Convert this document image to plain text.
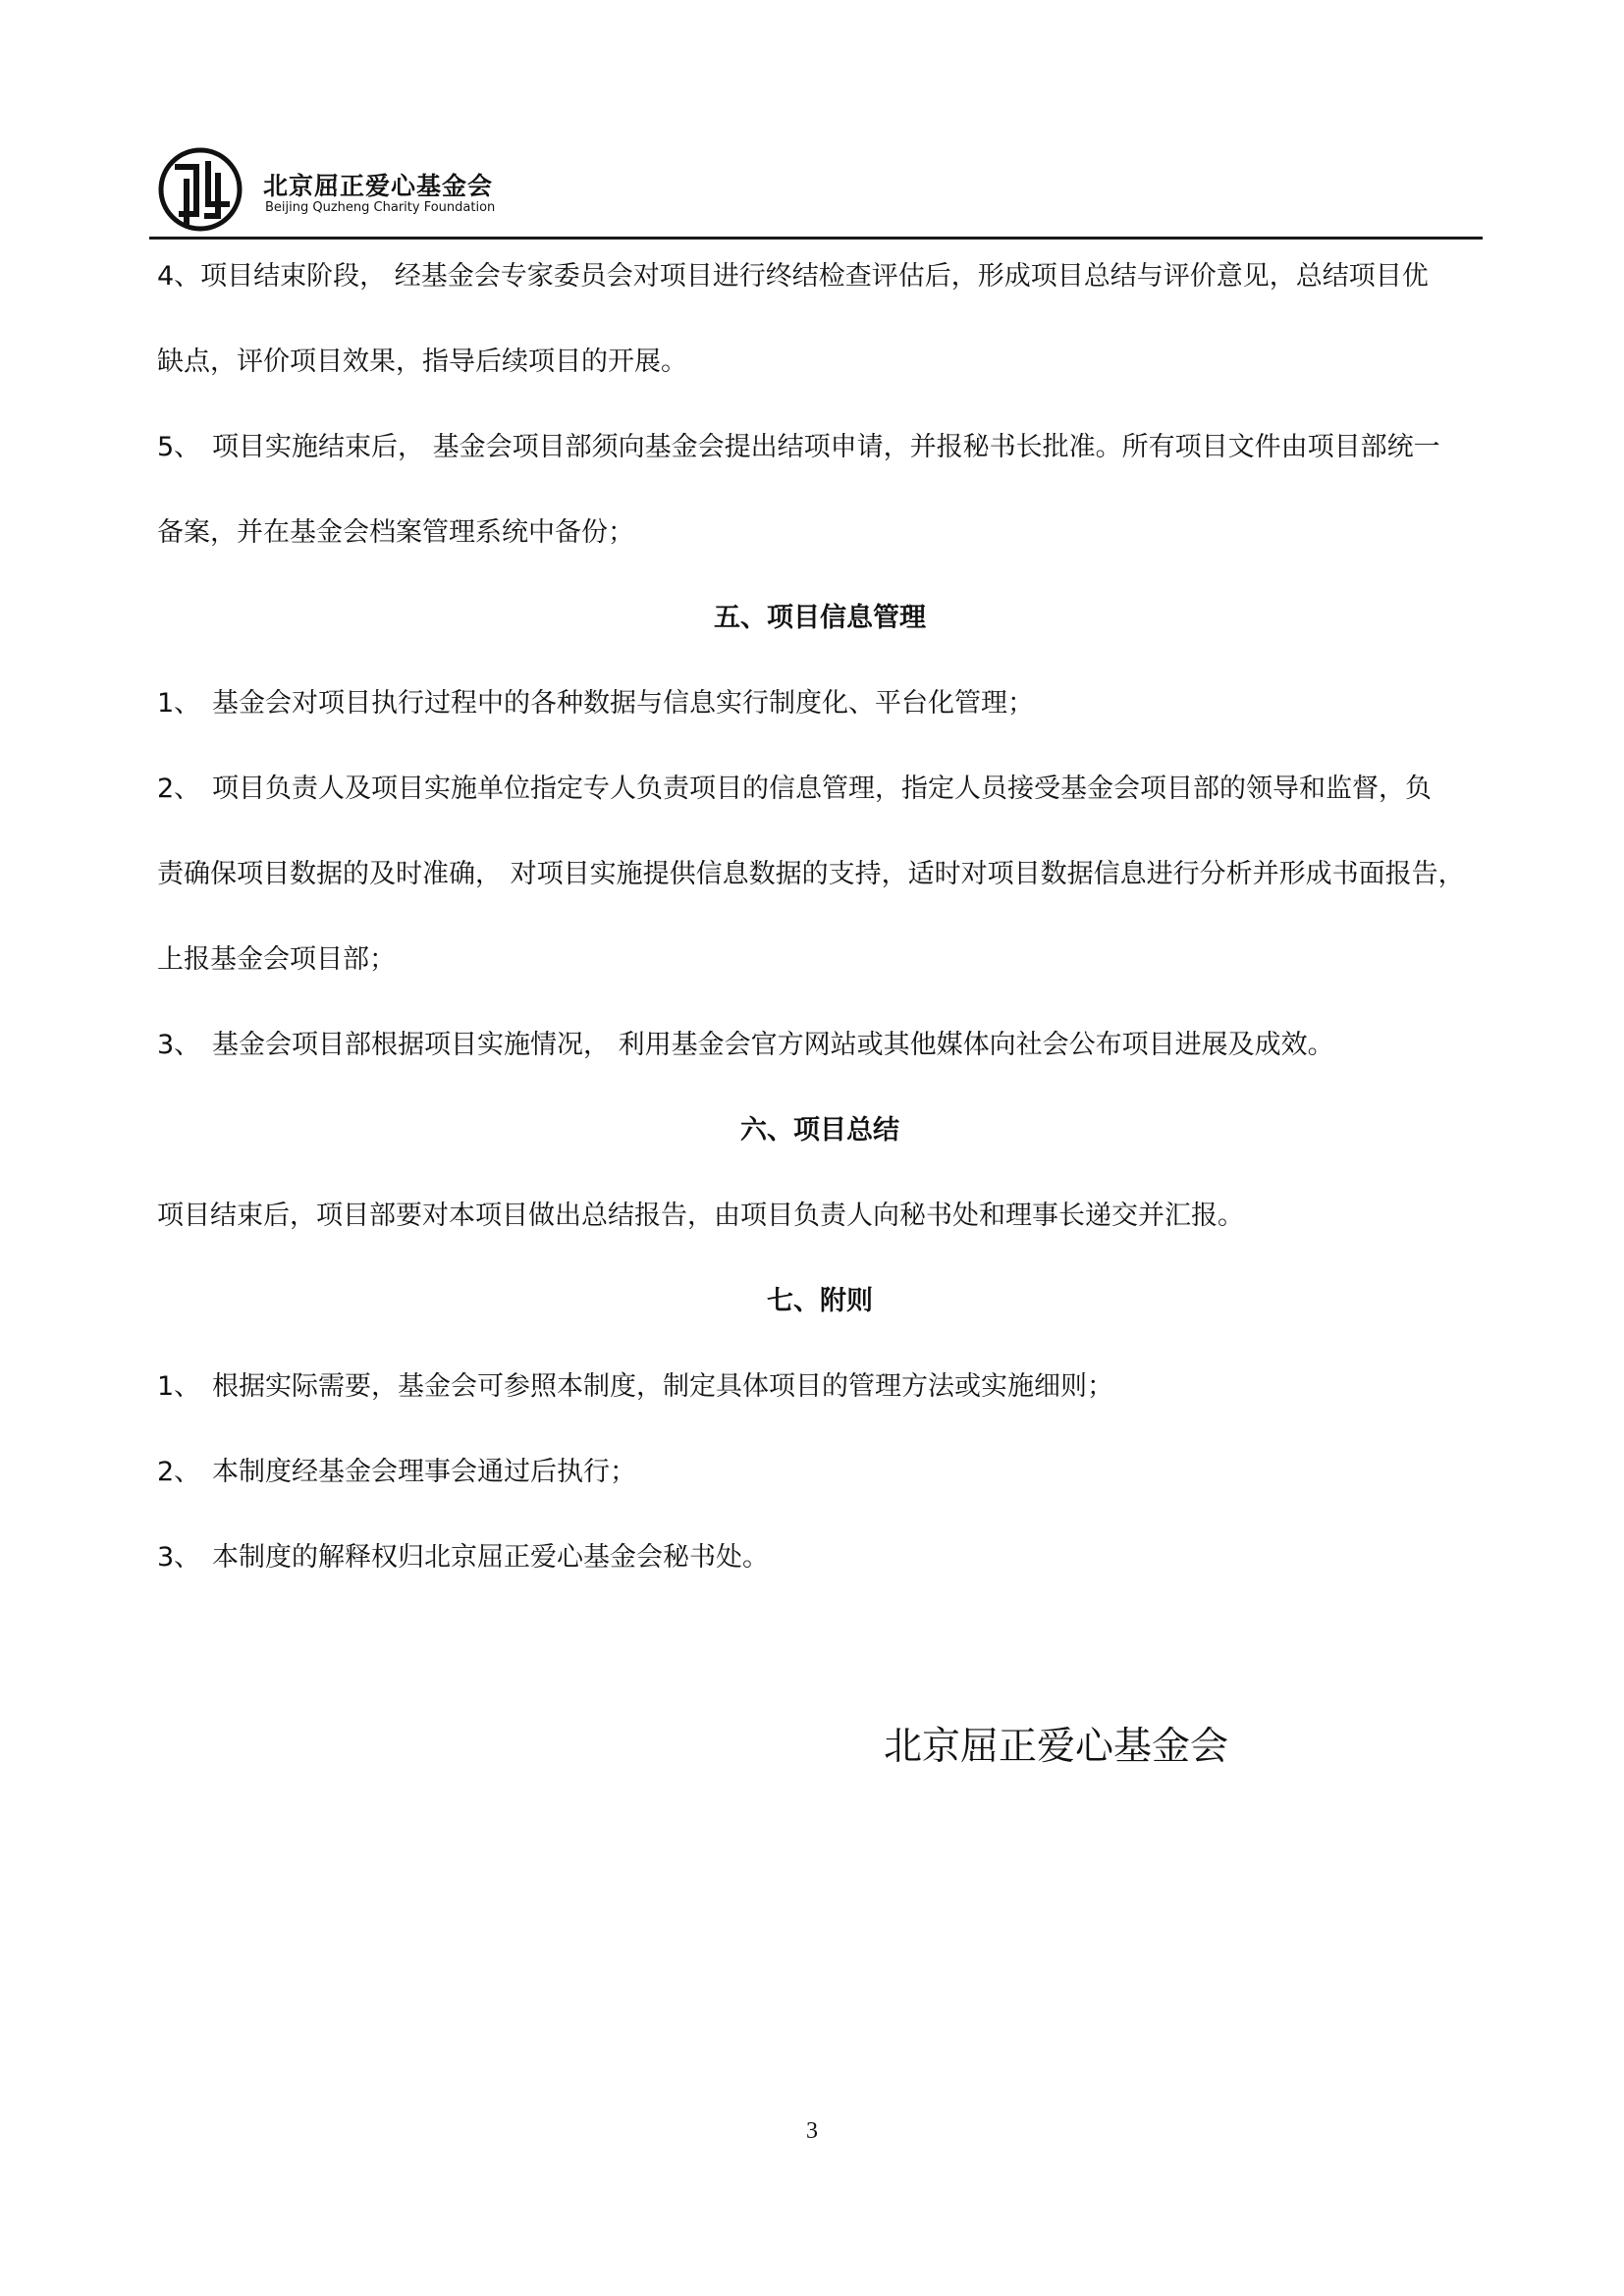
北京屈正爱心基金会
Beijing Quzheng Charity Foundation
4、项目结束阶段， 经基金会专家委员会对项目进行终结检查评估后，形成项目总结与评价意见，总结项目优
缺点，评价项目效果，指导后续项目的开展。
5、 项目实施结束后， 基金会项目部须向基金会提出结项申请，并报秘书长批准。所有项目文件由项目部统一
备案，并在基金会档案管理系统中备份；
五、项目信息管理
1、 基金会对项目执行过程中的各种数据与信息实行制度化、平台化管理；
2、 项目负责人及项目实施单位指定专人负责项目的信息管理，指定人员接受基金会项目部的领导和监督，负
责确保项目数据的及时准确， 对项目实施提供信息数据的支持，适时对项目数据信息进行分析并形成书面报告，
上报基金会项目部；
3、 基金会项目部根据项目实施情况， 利用基金会官方网站或其他媒体向社会公布项目进展及成效。
六、项目总结
项目结束后，项目部要对本项目做出总结报告，由项目负责人向秘书处和理事长递交并汇报。
七、附则
1、 根据实际需要，基金会可参照本制度，制定具体项目的管理方法或实施细则；
2、 本制度经基金会理事会通过后执行；
3、 本制度的解释权归北京屈正爱心基金会秘书处。
北京屈正爱心基金会
3
